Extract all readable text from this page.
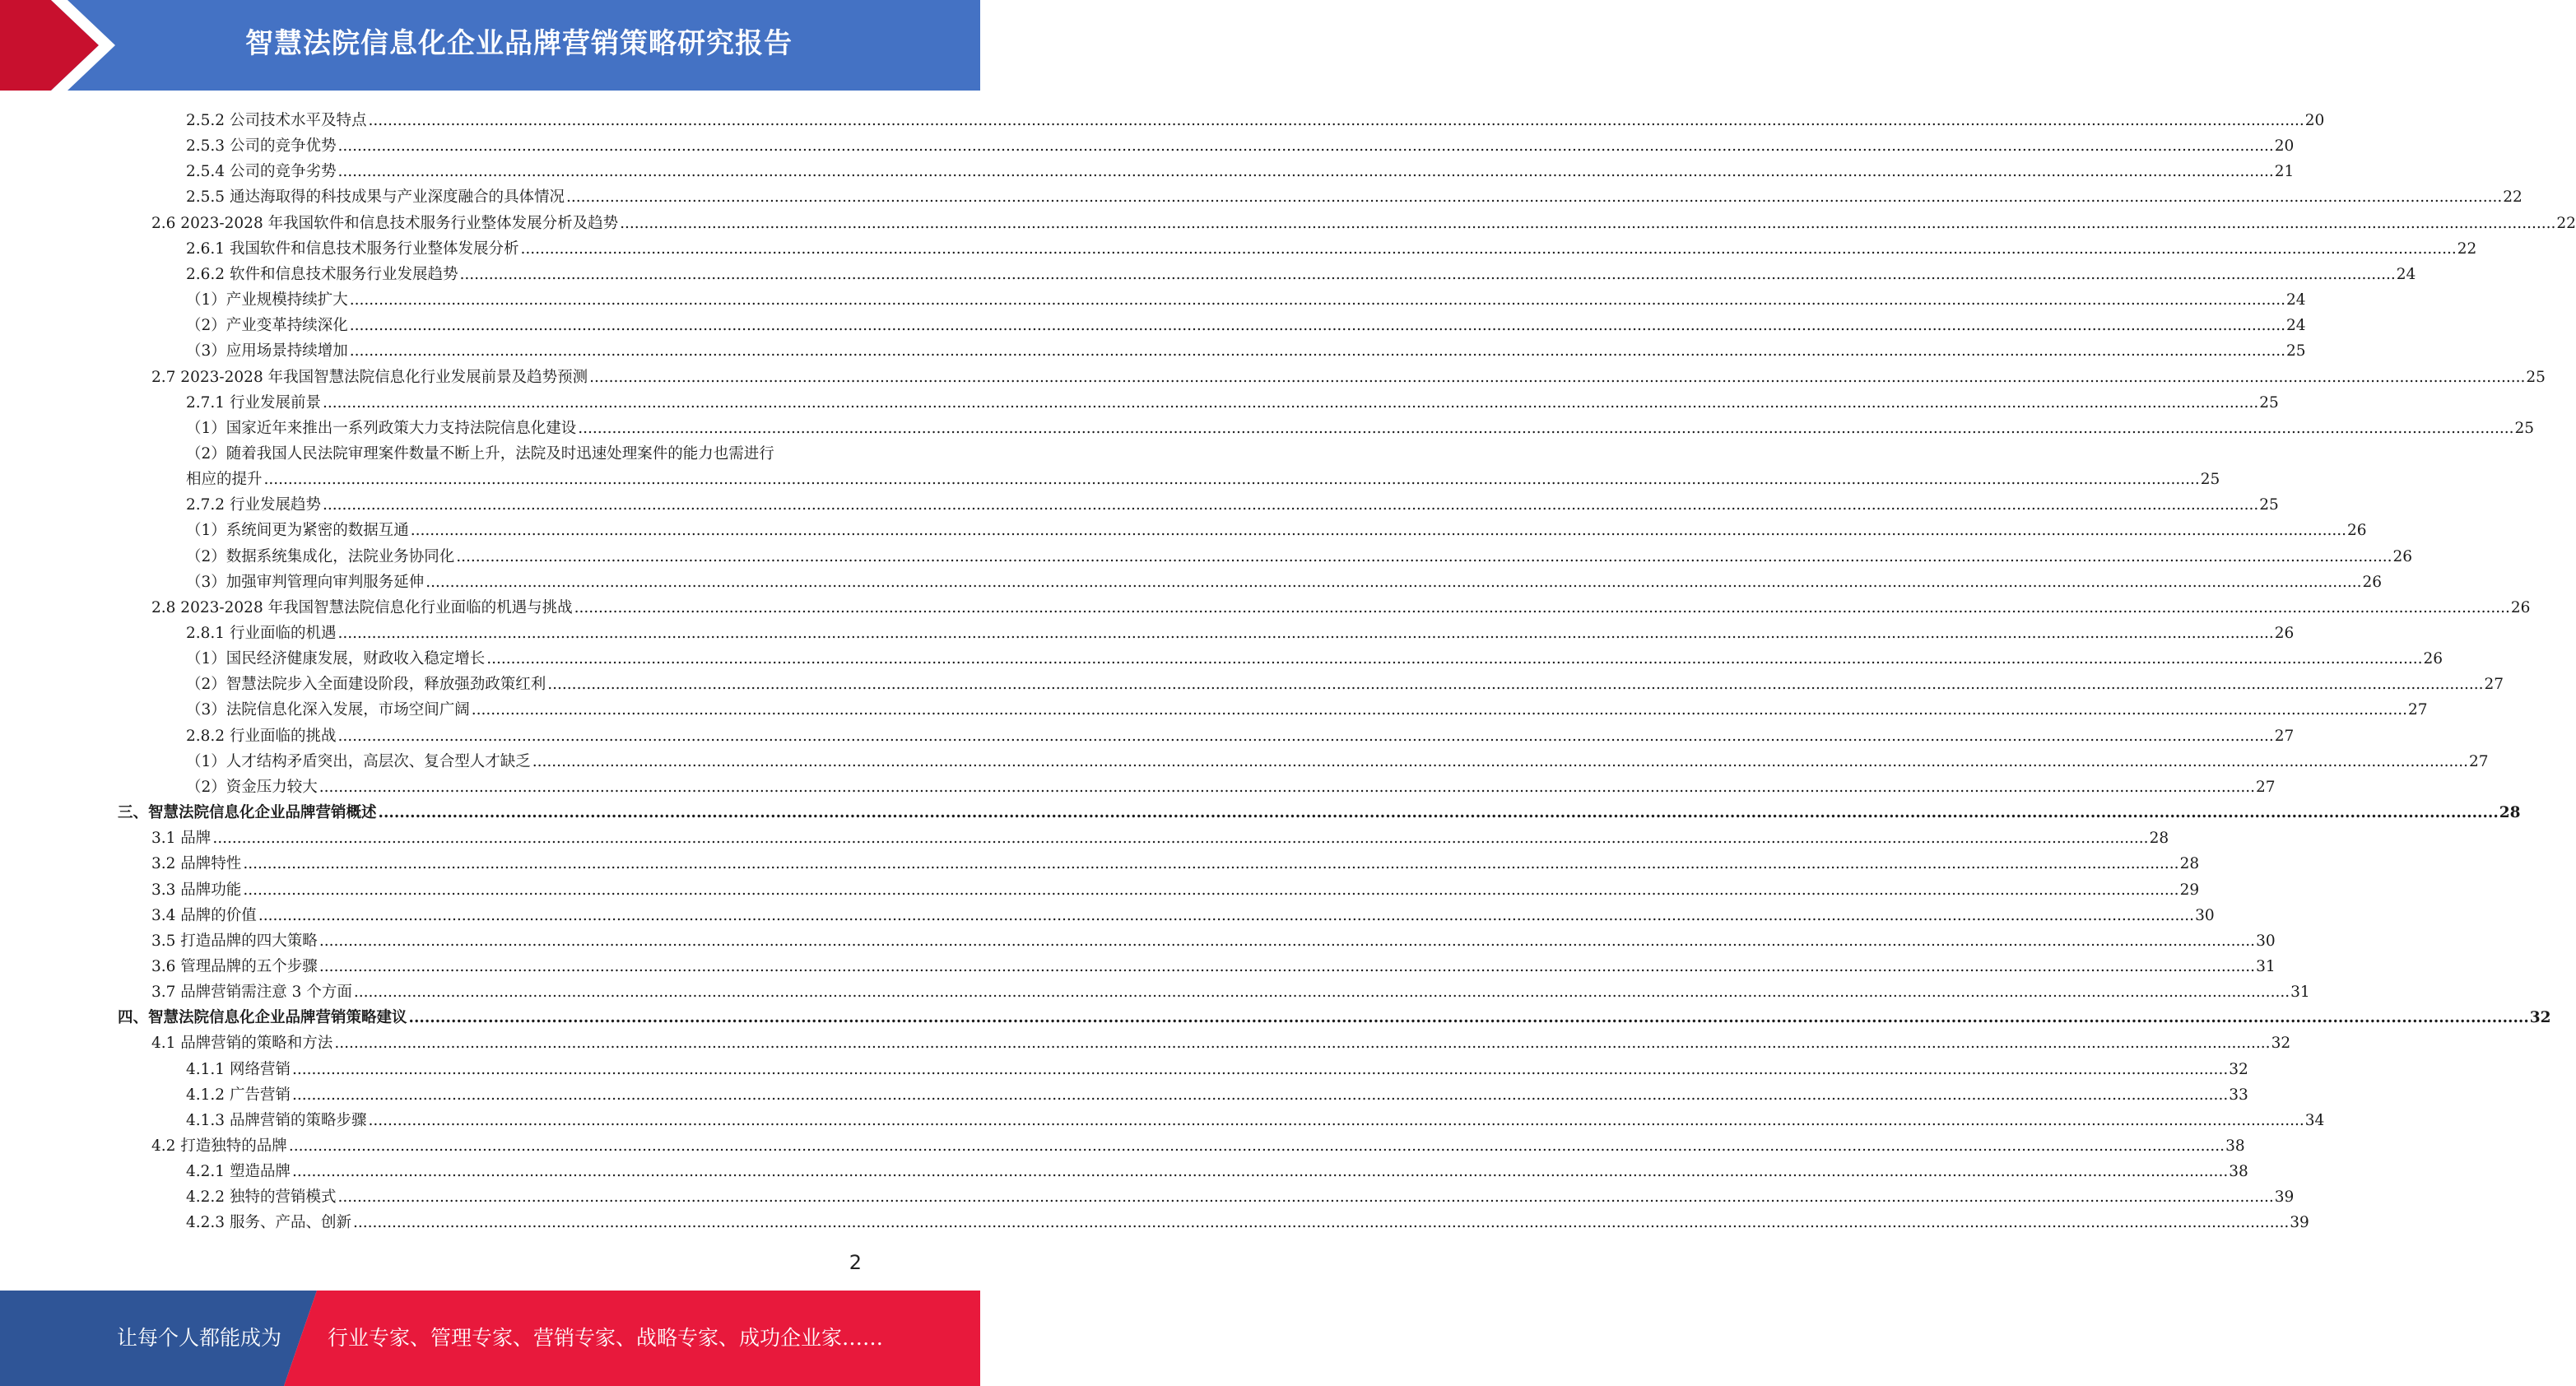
智慧法院信息化企业品牌营销策略研究报告
2.5.2 公司技术水平及特点 ................................................................................................................................................................................................................................................................................................................................................................................................................ 20
2.5.3 公司的竞争优势 ................................................................................................................................................................................................................................................................................................................................................................................................................ 20
2.5.4 公司的竞争劣势 ................................................................................................................................................................................................................................................................................................................................................................................................................ 21
2.5.5 通达海取得的科技成果与产业深度融合的具体情况 ................................................................................................................................................................................................................................................................................................................................................................................................................ 22
2.6 2023-2028 年我国软件和信息技术服务行业整体发展分析及趋势 ................................................................................................................................................................................................................................................................................................................................................................................................................ 22
2.6.1 我国软件和信息技术服务行业整体发展分析 ................................................................................................................................................................................................................................................................................................................................................................................................................ 22
2.6.2 软件和信息技术服务行业发展趋势 ................................................................................................................................................................................................................................................................................................................................................................................................................ 24
（1）产业规模持续扩大 ................................................................................................................................................................................................................................................................................................................................................................................................................ 24
（2）产业变革持续深化 ................................................................................................................................................................................................................................................................................................................................................................................................................ 24
（3）应用场景持续增加 ................................................................................................................................................................................................................................................................................................................................................................................................................ 25
2.7 2023-2028 年我国智慧法院信息化行业发展前景及趋势预测 ................................................................................................................................................................................................................................................................................................................................................................................................................ 25
2.7.1 行业发展前景 ................................................................................................................................................................................................................................................................................................................................................................................................................ 25
（1）国家近年来推出一系列政策大力支持法院信息化建设 ................................................................................................................................................................................................................................................................................................................................................................................................................ 25
（2）随着我国人民法院审理案件数量不断上升，法院及时迅速处理案件的能力也需进行
相应的提升 ................................................................................................................................................................................................................................................................................................................................................................................................................ 25
2.7.2 行业发展趋势 ................................................................................................................................................................................................................................................................................................................................................................................................................ 25
（1）系统间更为紧密的数据互通 ................................................................................................................................................................................................................................................................................................................................................................................................................ 26
（2）数据系统集成化，法院业务协同化 ................................................................................................................................................................................................................................................................................................................................................................................................................ 26
（3）加强审判管理向审判服务延伸 ................................................................................................................................................................................................................................................................................................................................................................................................................ 26
2.8 2023-2028 年我国智慧法院信息化行业面临的机遇与挑战 ................................................................................................................................................................................................................................................................................................................................................................................................................ 26
2.8.1 行业面临的机遇 ................................................................................................................................................................................................................................................................................................................................................................................................................ 26
（1）国民经济健康发展，财政收入稳定增长 ................................................................................................................................................................................................................................................................................................................................................................................................................ 26
（2）智慧法院步入全面建设阶段，释放强劲政策红利 ................................................................................................................................................................................................................................................................................................................................................................................................................ 27
（3）法院信息化深入发展，市场空间广阔 ................................................................................................................................................................................................................................................................................................................................................................................................................ 27
2.8.2 行业面临的挑战 ................................................................................................................................................................................................................................................................................................................................................................................................................ 27
（1）人才结构矛盾突出，高层次、复合型人才缺乏 ................................................................................................................................................................................................................................................................................................................................................................................................................ 27
（2）资金压力较大 ................................................................................................................................................................................................................................................................................................................................................................................................................ 27
三、智慧法院信息化企业品牌营销概述 ................................................................................................................................................................................................................................................................................................................................................................................................................ 28
3.1 品牌 ................................................................................................................................................................................................................................................................................................................................................................................................................ 28
3.2 品牌特性 ................................................................................................................................................................................................................................................................................................................................................................................................................ 28
3.3 品牌功能 ................................................................................................................................................................................................................................................................................................................................................................................................................ 29
3.4 品牌的价值 ................................................................................................................................................................................................................................................................................................................................................................................................................ 30
3.5 打造品牌的四大策略 ................................................................................................................................................................................................................................................................................................................................................................................................................ 30
3.6 管理品牌的五个步骤 ................................................................................................................................................................................................................................................................................................................................................................................................................ 31
3.7 品牌营销需注意 3 个方面 ................................................................................................................................................................................................................................................................................................................................................................................................................ 31
四、智慧法院信息化企业品牌营销策略建议 ................................................................................................................................................................................................................................................................................................................................................................................................................ 32
4.1 品牌营销的策略和方法 ................................................................................................................................................................................................................................................................................................................................................................................................................ 32
4.1.1 网络营销 ................................................................................................................................................................................................................................................................................................................................................................................................................ 32
4.1.2 广告营销 ................................................................................................................................................................................................................................................................................................................................................................................................................ 33
4.1.3 品牌营销的策略步骤 ................................................................................................................................................................................................................................................................................................................................................................................................................ 34
4.2 打造独特的品牌 ................................................................................................................................................................................................................................................................................................................................................................................................................ 38
4.2.1 塑造品牌 ................................................................................................................................................................................................................................................................................................................................................................................................................ 38
4.2.2 独特的营销模式 ................................................................................................................................................................................................................................................................................................................................................................................................................ 39
4.2.3 服务、产品、创新 ................................................................................................................................................................................................................................................................................................................................................................................................................ 39
2
让每个人都能成为 行业专家、管理专家、营销专家、战略专家、成功企业家……
